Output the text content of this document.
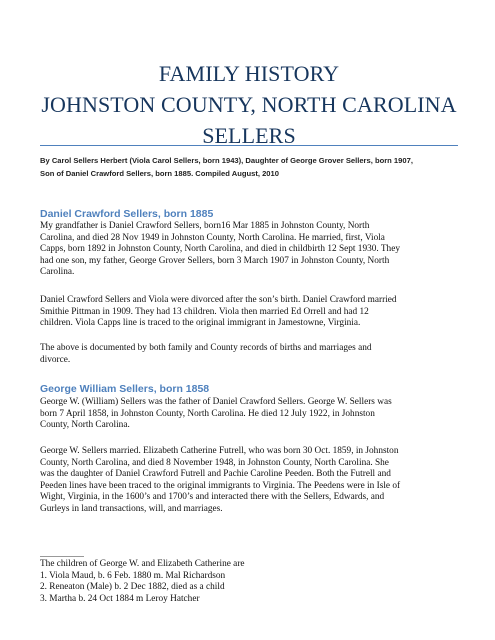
FAMILY HISTORY
JOHNSTON COUNTY, NORTH CAROLINA
SELLERS
By Carol Sellers Herbert (Viola Carol Sellers, born 1943), Daughter of George Grover Sellers, born 1907,
Son of Daniel Crawford Sellers, born 1885. Compiled August, 2010
Daniel Crawford Sellers, born 1885
My grandfather is Daniel Crawford Sellers, born16 Mar 1885 in Johnston County, North
Carolina, and died 28 Nov 1949 in Johnston County, North Carolina. He married, first, Viola
Capps, born 1892 in Johnston County, North Carolina, and died in childbirth 12 Sept 1930. They
had one son, my father, George Grover Sellers, born 3 March 1907 in Johnston County, North
Carolina.
Daniel Crawford Sellers and Viola were divorced after the son’s birth. Daniel Crawford married
Smithie Pittman in 1909. They had 13 children. Viola then married Ed Orrell and had 12
children. Viola Capps line is traced to the original immigrant in Jamestowne, Virginia.
The above is documented by both family and County records of births and marriages and
divorce.
George William Sellers, born 1858
George W. (William) Sellers was the father of Daniel Crawford Sellers. George W. Sellers was
born 7 April 1858, in Johnston County, North Carolina. He died 12 July 1922, in Johnston
County, North Carolina.
George W. Sellers married. Elizabeth Catherine Futrell, who was born 30 Oct. 1859, in Johnston
County, North Carolina, and died 8 November 1948, in Johnston County, North Carolina. She
was the daughter of Daniel Crawford Futrell and Pachie Caroline Peeden. Both the Futrell and
Peeden lines have been traced to the original immigrants to Virginia. The Peedens were in Isle of
Wight, Virginia, in the 1600’s and 1700’s and interacted there with the Sellers, Edwards, and
Gurleys in land transactions, will, and marriages.
The children of George W. and Elizabeth Catherine are
1. Viola Maud, b. 6 Feb. 1880 m. Mal Richardson
2. Reneaton (Male) b. 2 Dec 1882, died as a child
3. Martha b. 24 Oct 1884 m Leroy Hatcher
